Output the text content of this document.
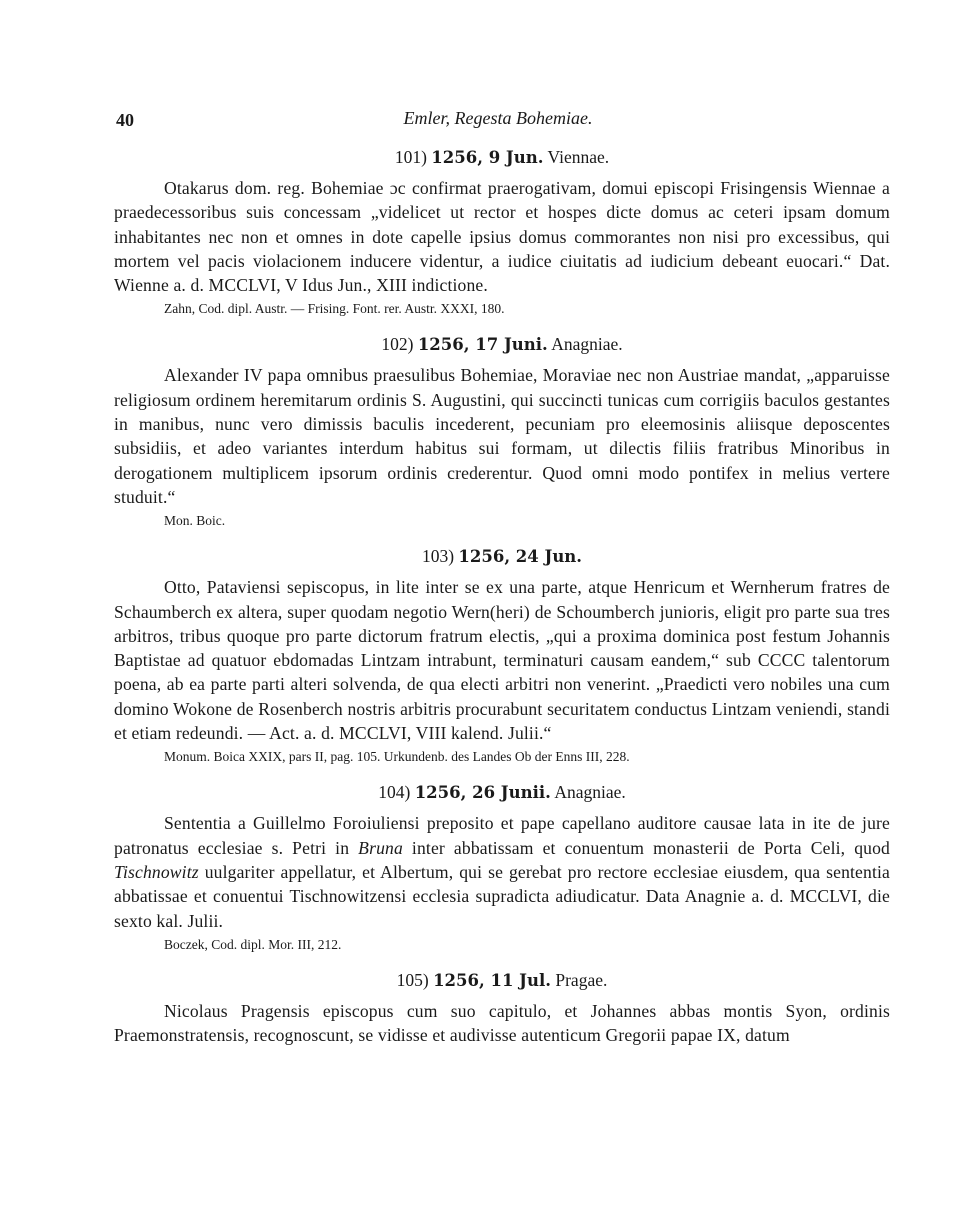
40	Emler, Regesta Bohemiae.
101) 1256, 9 Jun. Viennae.
Otakarus dom. reg. Bohemiae ɔc confirmat praerogativam, domui episcopi Frisingensis Wiennae a praedecessoribus suis concessam „videlicet ut rector et hospes dicte domus ac ceteri ipsam domum inhabitantes nec non et omnes in dote capelle ipsius domus commorantes non nisi pro excessibus, qui mortem vel pacis violacionem inducere videntur, a iudice ciuitatis ad iudicium debeant euocari.“ Dat. Wienne a. d. MCCLVI, V Idus Jun., XIII indictione.
Zahn, Cod. dipl. Austr. — Frising. Font. rer. Austr. XXXI, 180.
102) 1256, 17 Juni. Anagniae.
Alexander IV papa omnibus praesulibus Bohemiae, Moraviae nec non Austriae mandat, „apparuisse religiosum ordinem heremitarum ordinis S. Augustini, qui succincti tunicas cum corrigiis baculos gestantes in manibus, nunc vero dimissis baculis incederent, pecuniam pro eleemosinis aliisque deposcentes subsidiis, et adeo variantes interdum habitus sui formam, ut dilectis filiis fratribus Minoribus in derogationem multiplicem ipsorum ordinis crederentur. Quod omni modo pontifex in melius vertere studuit.“
Mon. Boic.
103) 1256, 24 Jun.
Otto, Pataviensi sepiscopus, in lite inter se ex una parte, atque Henricum et Wernherum fratres de Schaumberch ex altera, super quodam negotio Wern(heri) de Schoumberch junioris, eligit pro parte sua tres arbitros, tribus quoque pro parte dictorum fratrum electis, „qui a proxima dominica post festum Johannis Baptistae ad quatuor ebdomadas Lintzam intrabunt, terminaturi causam eandem,“ sub CCCC talentorum poena, ab ea parte parti alteri solvenda, de qua electi arbitri non venerint. „Praedicti vero nobiles una cum domino Wokone de Rosenberch nostris arbitris procurabunt securitatem conductus Lintzam veniendi, standi et etiam redeundi. — Act. a. d. MCCLVI, VIII kalend. Julii.“
Monum. Boica XXIX, pars II, pag. 105. Urkundenb. des Landes Ob der Enns III, 228.
104) 1256, 26 Junii. Anagniae.
Sententia a Guillelmo Foroiuliensi preposito et pape capellano auditore causae lata in ite de jure patronatus ecclesiae s. Petri in Bruna inter abbatissam et conuentum monasterii de Porta Celi, quod Tischnowitz uulgariter appellatur, et Albertum, qui se gerebat pro rectore ecclesiae eiusdem, qua sententia abbatissae et conuentui Tischnowitzensi ecclesia supradicta adiudicatur. Data Anagnie a. d. MCCLVI, die sexto kal. Julii.
Boczek, Cod. dipl. Mor. III, 212.
105) 1256, 11 Jul. Pragae.
Nicolaus Pragensis episcopus cum suo capitulo, et Johannes abbas montis Syon, ordinis Praemonstratensis, recognoscunt, se vidisse et audivisse autenticum Gregorii papae IX, datum
